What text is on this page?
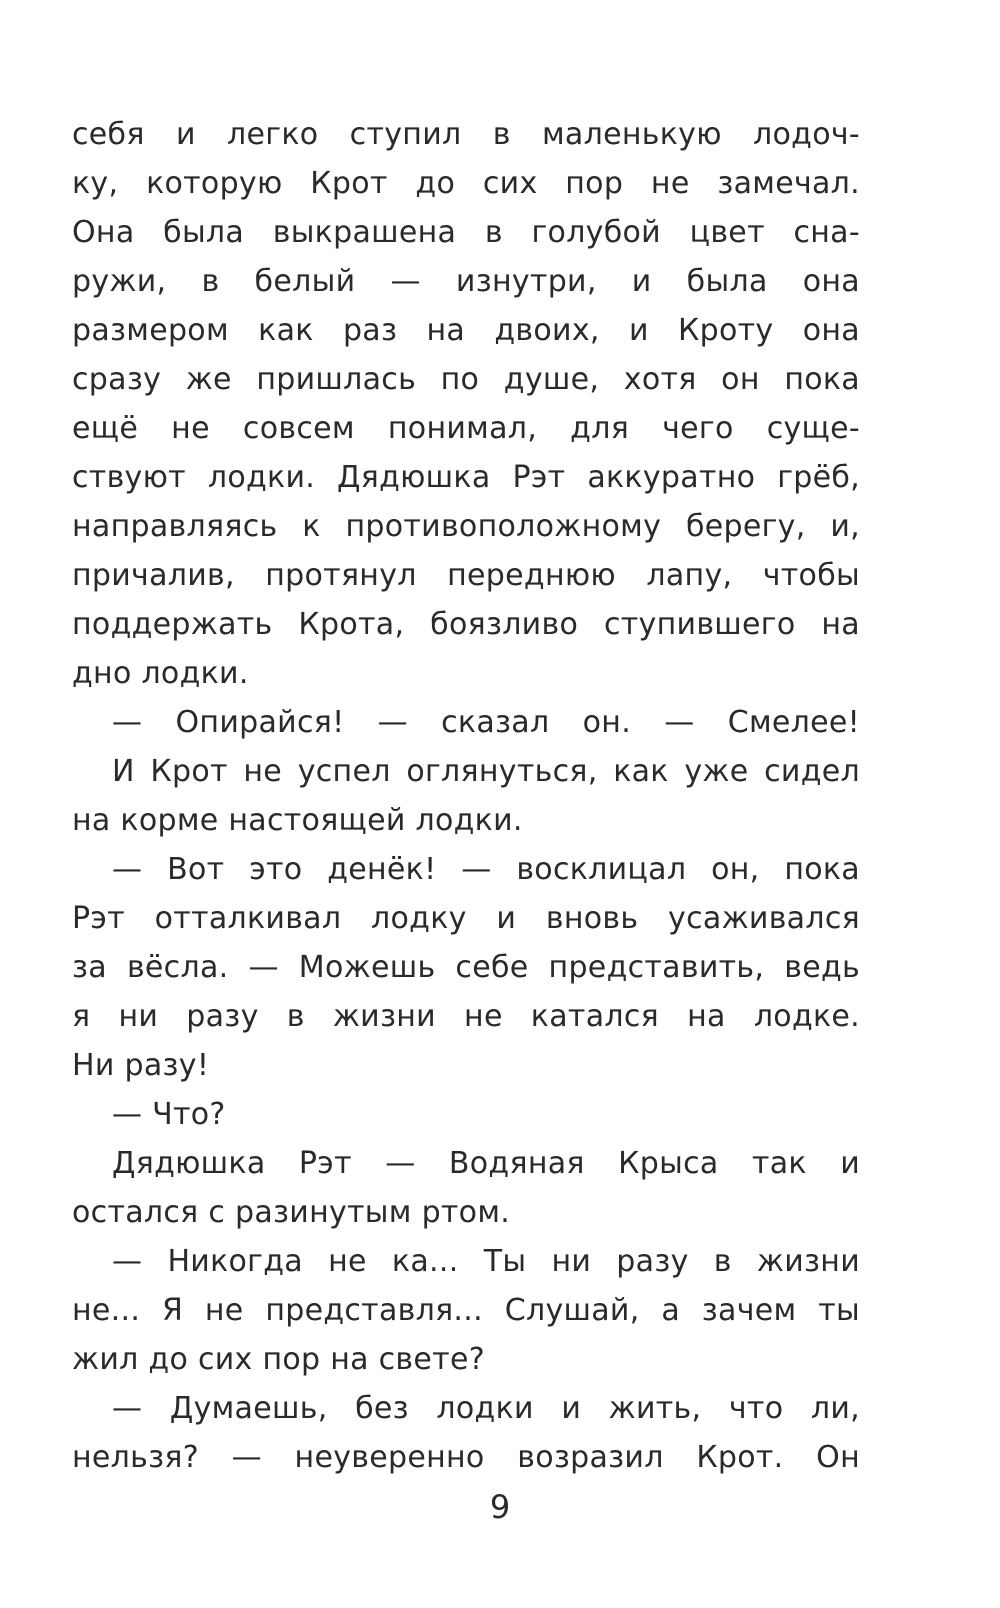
себя и легко ступил в маленькую лодоч-
ку, которую Крот до сих пор не замечал.
Она была выкрашена в голубой цвет сна-
ружи, в белый — изнутри, и была она
размером как раз на двоих, и Кроту она
сразу же пришлась по душе, хотя он пока
ещё не совсем понимал, для чего суще-
ствуют лодки. Дядюшка Рэт аккуратно грёб,
направляясь к противоположному берегу, и,
причалив, протянул переднюю лапу, чтобы
поддержать Крота, боязливо ступившего на
дно лодки.
— Опирайся! — сказал он. — Смелее!
И Крот не успел оглянуться, как уже сидел
на корме настоящей лодки.
— Вот это денёк! — восклицал он, пока
Рэт отталкивал лодку и вновь усаживался
за вёсла. — Можешь себе представить, ведь
я ни разу в жизни не катался на лодке.
Ни разу!
— Что?
Дядюшка Рэт — Водяная Крыса так и
остался с разинутым ртом.
— Никогда не ка... Ты ни разу в жизни
не... Я не представля... Слушай, а зачем ты
жил до сих пор на свете?
— Думаешь, без лодки и жить, что ли,
нельзя? — неуверенно возразил Крот. Он
9
